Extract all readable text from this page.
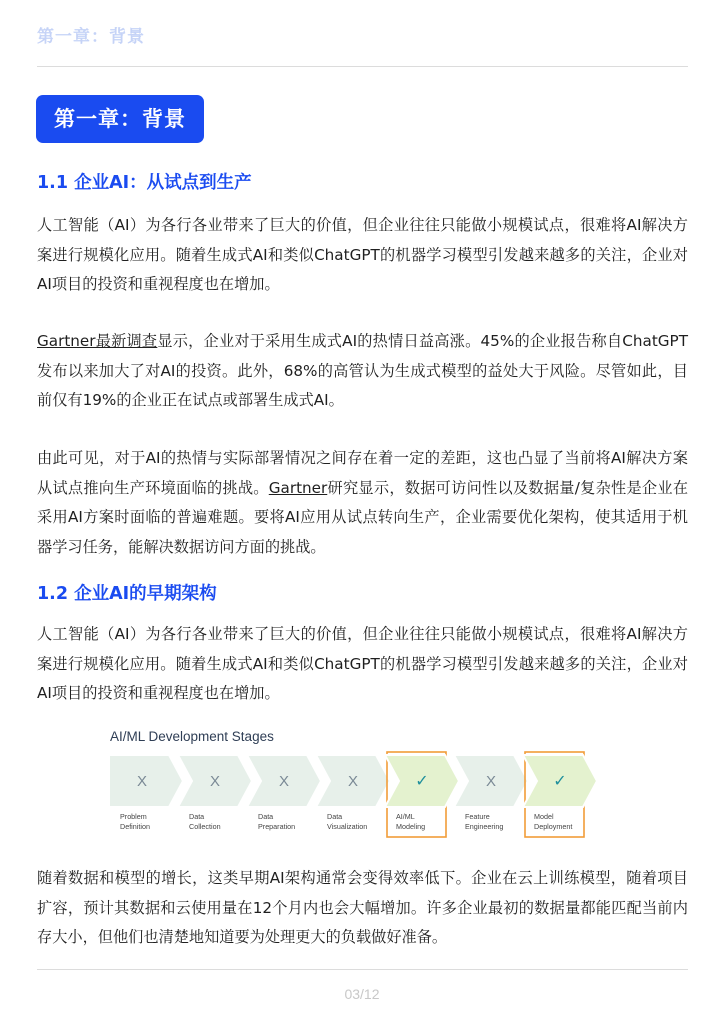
第一章：背景
第一章：背景
1.1 企业AI：从试点到生产
人工智能（AI）为各行各业带来了巨大的价值，但企业往往只能做小规模试点，很难将AI解决方案进行规模化应用。随着生成式AI和类似ChatGPT的机器学习模型引发越来越多的关注，企业对AI项目的投资和重视程度也在增加。
Gartner最新调查显示，企业对于采用生成式AI的热情日益高涨。45%的企业报告称自ChatGPT发布以来加大了对AI的投资。此外，68%的高管认为生成式模型的益处大于风险。尽管如此，目前仅有19%的企业正在试点或部署生成式AI。
由此可见，对于AI的热情与实际部署情况之间存在着一定的差距，这也凸显了当前将AI解决方案从试点推向生产环境面临的挑战。Gartner研究显示，数据可访问性以及数据量/复杂性是企业在采用AI方案时面临的普遍难题。要将AI应用从试点转向生产，企业需要优化架构，使其适用于机器学习任务，能解决数据访问方面的挑战。
1.2 企业AI的早期架构
人工智能（AI）为各行各业带来了巨大的价值，但企业往往只能做小规模试点，很难将AI解决方案进行规模化应用。随着生成式AI和类似ChatGPT的机器学习模型引发越来越多的关注，企业对AI项目的投资和重视程度也在增加。
AI/ML Development Stages
X
Problem
Definition
X
Data
Collection
X
Data
Preparation
X
Data
Visualization
✓
AI/ML
Modeling
X
Feature
Engineering
✓
Model
Deployment
随着数据和模型的增长，这类早期AI架构通常会变得效率低下。企业在云上训练模型，随着项目扩容，预计其数据和云使用量在12个月内也会大幅增加。许多企业最初的数据量都能匹配当前内存大小，但他们也清楚地知道要为处理更大的负载做好准备。
03/12
